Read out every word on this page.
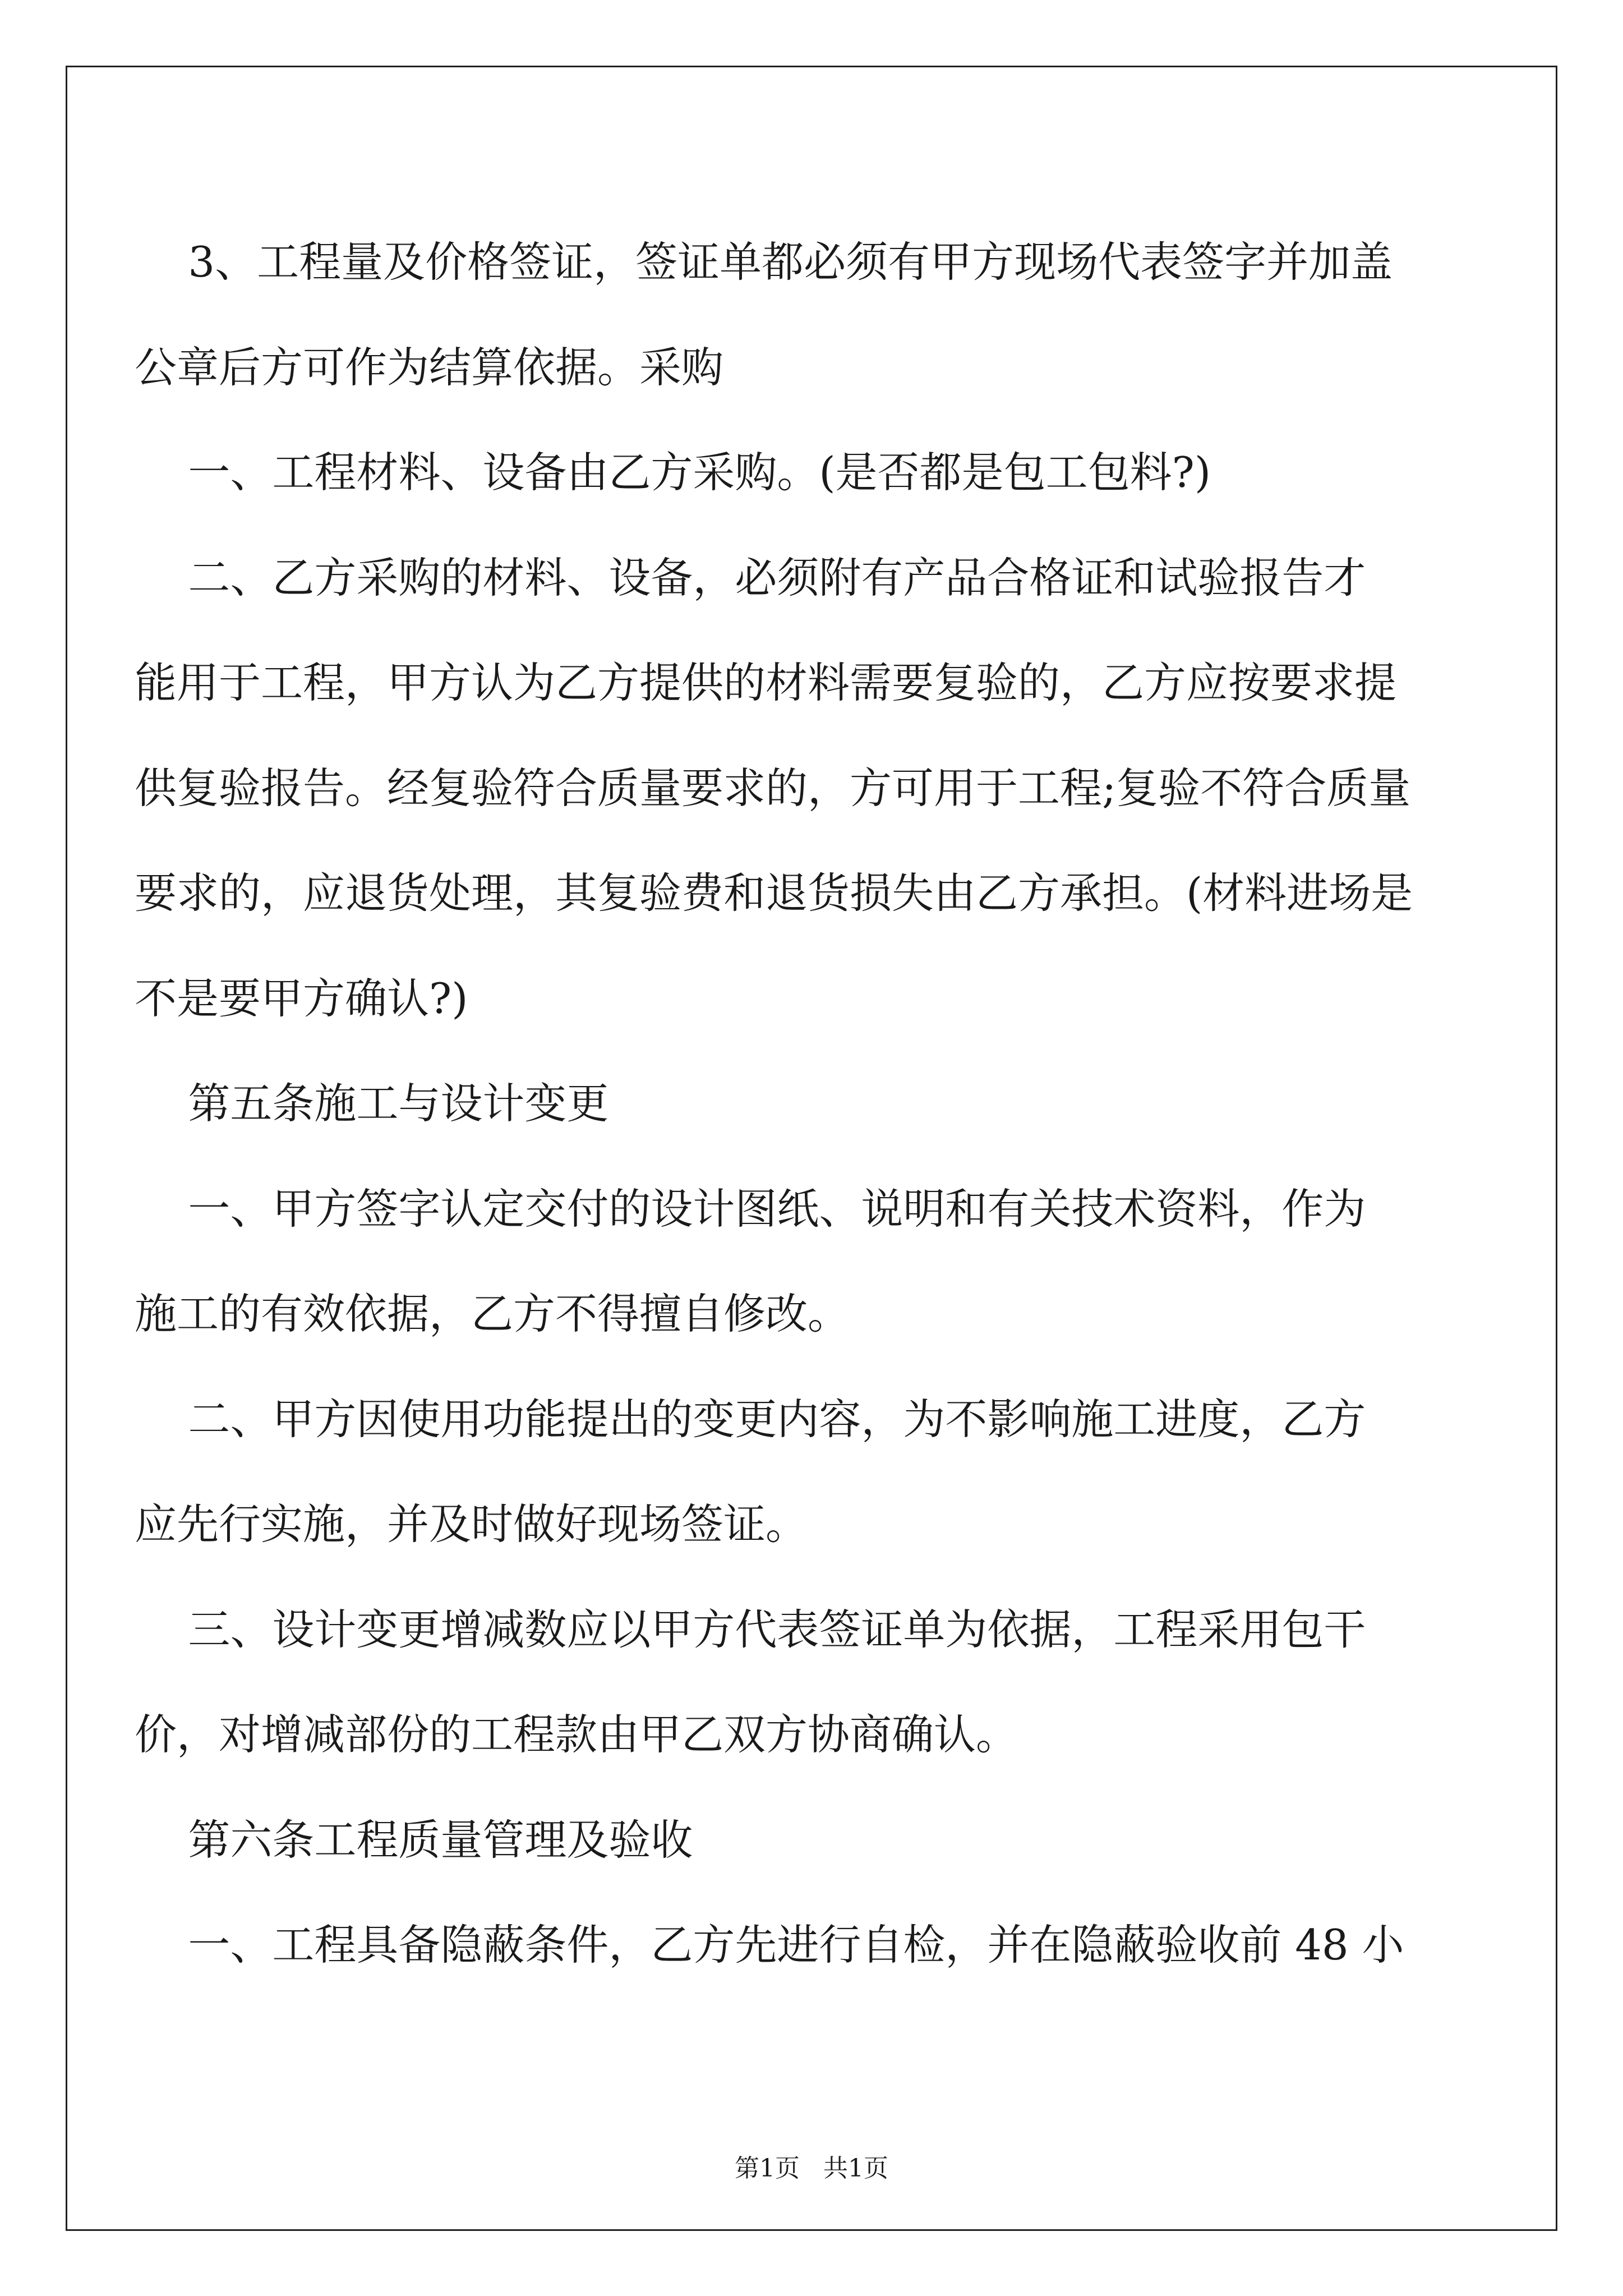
3、工程量及价格签证，签证单都必须有甲方现场代表签字并加盖
公章后方可作为结算依据。采购
一、工程材料、设备由乙方采购。(是否都是包工包料?)
二、乙方采购的材料、设备，必须附有产品合格证和试验报告才
能用于工程，甲方认为乙方提供的材料需要复验的，乙方应按要求提
供复验报告。经复验符合质量要求的，方可用于工程;复验不符合质量
要求的，应退货处理，其复验费和退货损失由乙方承担。(材料进场是
不是要甲方确认?)
第五条施工与设计变更
一、甲方签字认定交付的设计图纸、说明和有关技术资料，作为
施工的有效依据，乙方不得擅自修改。
二、甲方因使用功能提出的变更内容，为不影响施工进度，乙方
应先行实施，并及时做好现场签证。
三、设计变更增减数应以甲方代表签证单为依据，工程采用包干
价，对增减部份的工程款由甲乙双方协商确认。
第六条工程质量管理及验收
一、工程具备隐蔽条件，乙方先进行自检，并在隐蔽验收前 48 小
第1页   共1页
